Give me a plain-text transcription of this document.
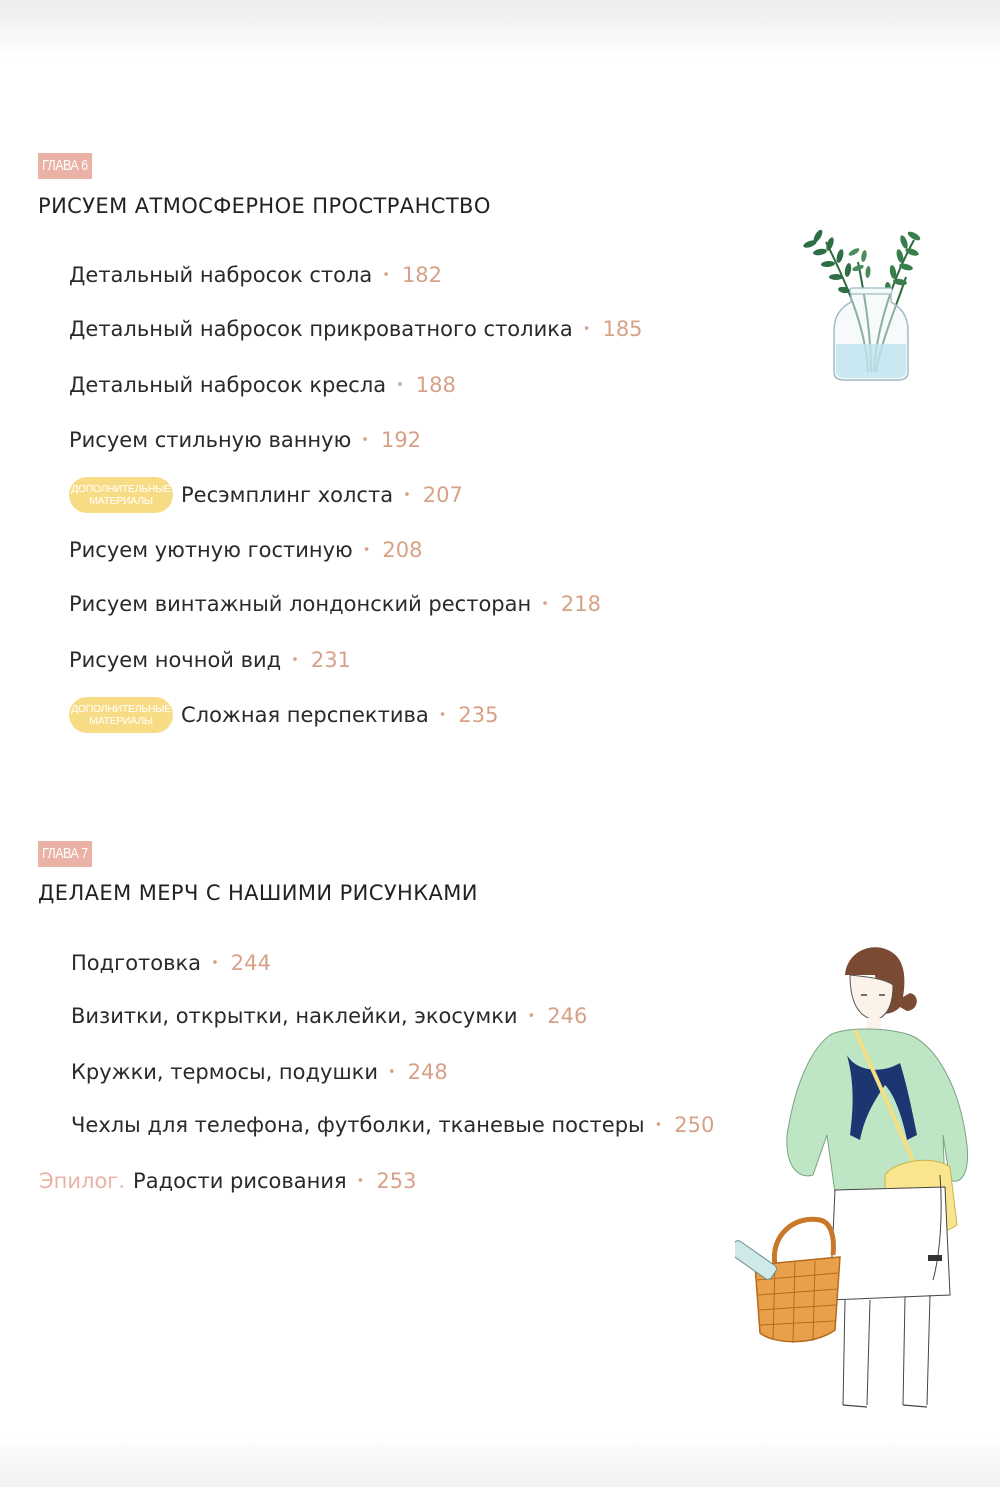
ГЛАВА 6
РИСУЕМ АТМОСФЕРНОЕ ПРОСТРАНСТВО
Детальный набросок стола • 182
Детальный набросок прикроватного столика • 185
Детальный набросок кресла • 188
Рисуем стильную ванную • 192
ДОПОЛНИТЕЛЬНЫЕ
МАТЕРИАЛЫ Ресэмплинг холста • 207
Рисуем уютную гостиную • 208
Рисуем винтажный лондонский ресторан • 218
Рисуем ночной вид • 231
ДОПОЛНИТЕЛЬНЫЕ
МАТЕРИАЛЫ Сложная перспектива • 235
ГЛАВА 7
ДЕЛАЕМ МЕРЧ С НАШИМИ РИСУНКАМИ
Подготовка • 244
Визитки, открытки, наклейки, экосумки • 246
Кружки, термосы, подушки • 248
Чехлы для телефона, футболки, тканевые постеры • 250
Эпилог. Радости рисования • 253
